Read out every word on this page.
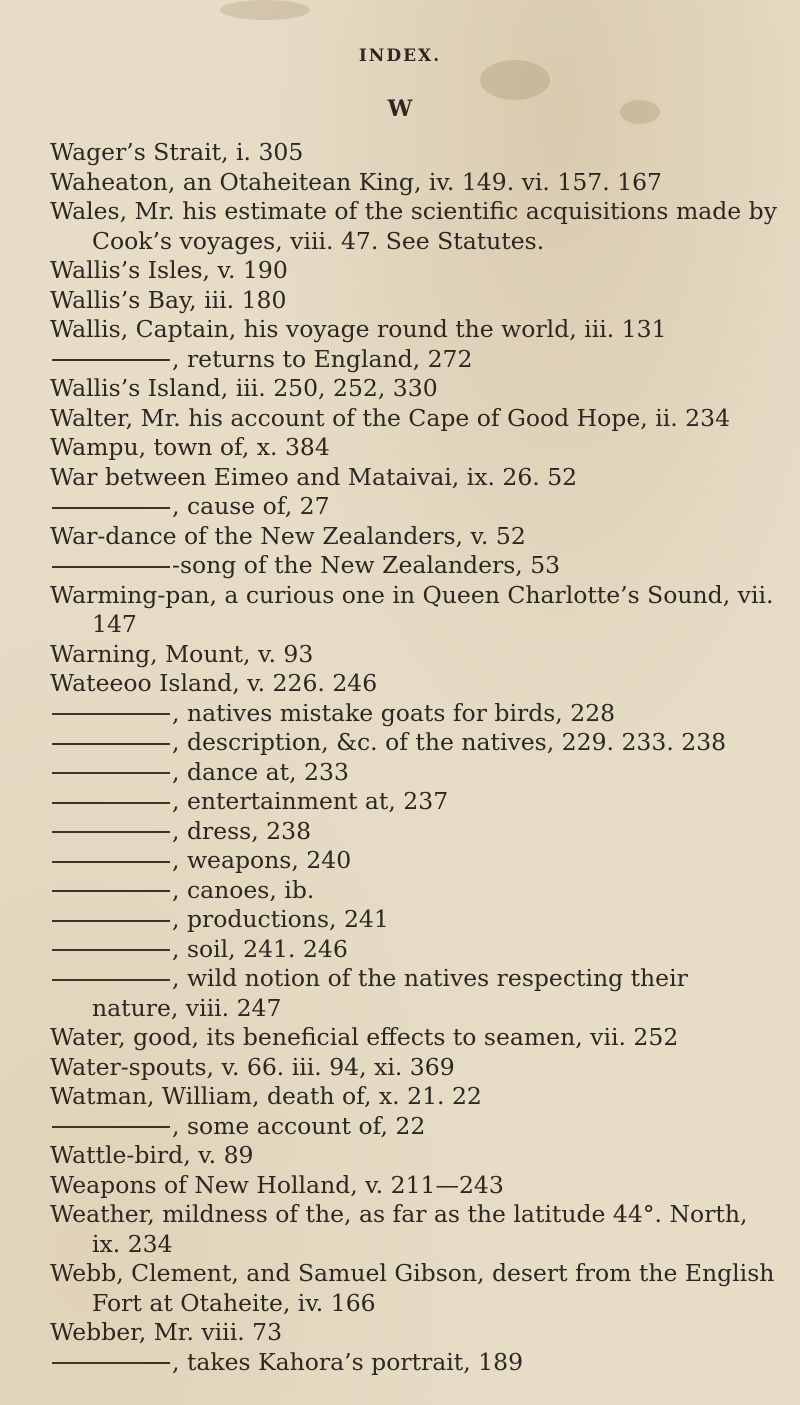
INDEX.
W
Wager’s Strait, i. 305
Waheaton, an Otaheitean King, iv. 149. vi. 157. 167
Wales, Mr. his estimate of the scientific acquisitions made by Cook’s voyages, viii. 47. See Statutes.
Wallis’s Isles, v. 190
Wallis’s Bay, iii. 180
Wallis, Captain, his voyage round the world, iii. 131
, returns to England, 272
Wallis’s Island, iii. 250, 252, 330
Walter, Mr. his account of the Cape of Good Hope, ii. 234
Wampu, town of, x. 384
War between Eimeo and Mataivai, ix. 26. 52
, cause of, 27
War-dance of the New Zealanders, v. 52
-song of the New Zealanders, 53
Warming-pan, a curious one in Queen Charlotte’s Sound, vii. 147
Warning, Mount, v. 93
Wateeoo Island, v. 226. 246
, natives mistake goats for birds, 228
, description, &c. of the natives, 229. 233. 238
, dance at, 233
, entertainment at, 237
, dress, 238
, weapons, 240
, canoes, ib.
, productions, 241
, soil, 241. 246
, wild notion of the natives respecting their nature, viii. 247
Water, good, its beneficial effects to seamen, vii. 252
Water-spouts, v. 66. iii. 94, xi. 369
Watman, William, death of, x. 21. 22
, some account of, 22
Wattle-bird, v. 89
Weapons of New Holland, v. 211—243
Weather, mildness of the, as far as the latitude 44°. North, ix. 234
Webb, Clement, and Samuel Gibson, desert from the English Fort at Otaheite, iv. 166
Webber, Mr. viii. 73
, takes Kahora’s portrait, 189
